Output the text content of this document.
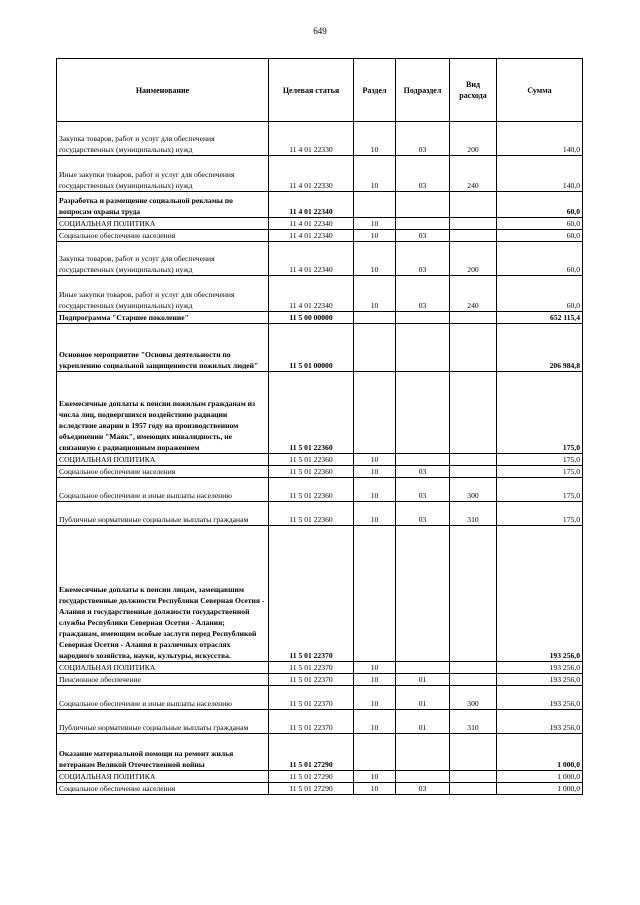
649
Наименование	Целевая статья	Раздел	Подраздел	Вид расхода	Сумма
Закупка товаров, работ и услуг для обеспечения государственных (муниципальных) нужд	11 4 01 22330	10	03	200	140,0
Иные закупки товаров, работ и услуг для обеспечения государственных (муниципальных) нужд	11 4 01 22330	10	03	240	140,0
Разработка и размещение социальной рекламы по вопросам охраны труда	11 4 01 22340				60,0
СОЦИАЛЬНАЯ ПОЛИТИКА	11 4 01 22340	10			60,0
Социальное обеспечение населения	11 4 01 22340	10	03		60,0
Закупка товаров, работ и услуг для обеспечения государственных (муниципальных) нужд	11 4 01 22340	10	03	200	60,0
Иные закупки товаров, работ и услуг для обеспечения государственных (муниципальных) нужд	11 4 01 22340	10	03	240	60,0
Подпрограмма "Старшее поколение"	11 5 00 00000				652 115,4
Основное мероприятие "Основы деятельности по укреплению социальной защищенности пожилых людей"	11 5 01 00000				206 984,8
Ежемесячные доплаты к пенсии пожилым гражданам из числа лиц, подвергшихся воздействию радиации вследствие аварии в 1957 году на производственном объединении "Маяк", имеющих инвалидность, не связанную с радиационным поражением	11 5 01 22360				175,0
СОЦИАЛЬНАЯ ПОЛИТИКА	11 5 01 22360	10			175,0
Социальное обеспечение населения	11 5 01 22360	10	03		175,0
Социальное обеспечение и иные выплаты населению	11 5 01 22360	10	03	300	175,0
Публичные нормативные социальные выплаты гражданам	11 5 01 22360	10	03	310	175,0
Ежемесячные доплаты к пенсии лицам, замещавшим государственные должности Республики Северная Осетия - Алания и государственные должности государственной службы Республики Северная Осетия - Алания; гражданам, имеющим особые заслуги перед Республикой Северная Осетия - Алания в различных отраслях народного хозяйства, науки, культуры, искусства.	11 5 01 22370				193 256,0
СОЦИАЛЬНАЯ ПОЛИТИКА	11 5 01 22370	10			193 256,0
Пенсионное обеспечение	11 5 01 22370	10	01		193 256,0
Социальное обеспечение и иные выплаты населению	11 5 01 22370	10	01	300	193 256,0
Публичные нормативные социальные выплаты гражданам	11 5 01 22370	10	01	310	193 256,0
Оказание материальной помощи на ремонт жилья ветеранам Великой Отечественной войны	11 5 01 27290				1 000,0
СОЦИАЛЬНАЯ ПОЛИТИКА	11 5 01 27290	10			1 000,0
Социальное обеспечение населения	11 5 01 27290	10	03		1 000,0
